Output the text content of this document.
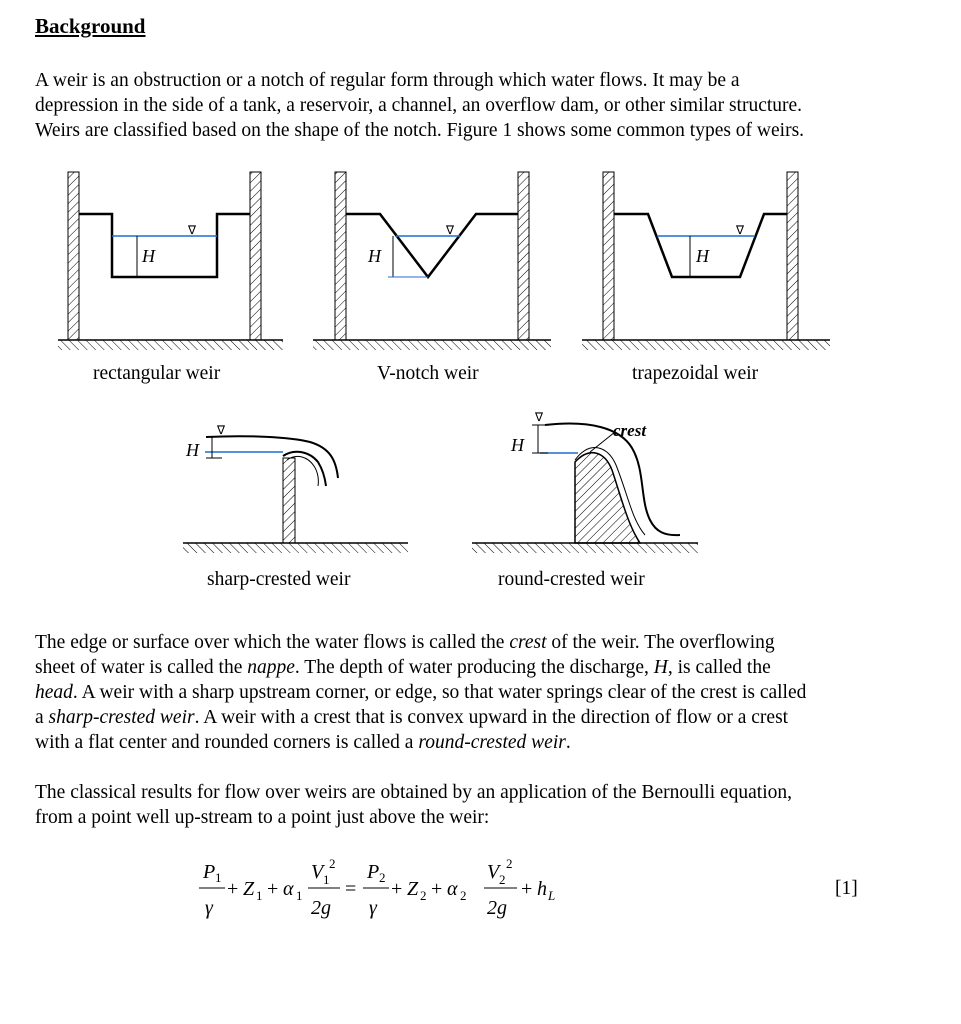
Background
A weir is an obstruction or a notch of regular form through which water flows. It may be a
depression in the side of a tank, a reservoir, a channel, an overflow dam, or other similar structure.
Weirs are classified based on the shape of the notch. Figure 1 shows some common types of weirs.
H
∇
H
∇
H
∇
H
∇
H
∇
crest
rectangular weir	V-notch weir	trapezoidal weir
sharp-crested weir	round-crested weir
The edge or surface over which the water flows is called the crest of the weir. The overflowing
sheet of water is called the nappe. The depth of water producing the discharge, H, is called the
head. A weir with a sharp upstream corner, or edge, so that water springs clear of the crest is called
a sharp-crested weir. A weir with a crest that is convex upward in the direction of flow or a crest
with a flat center and rounded corners is called a round-crested weir.
The classical results for flow over weirs are obtained by an application of the Bernoulli equation,
from a point well up-stream to a point just above the weir:
P 1
γ
+ Z 1 + α 1
V 1
2
2g
=
P 2
γ
+ Z 2 + α 2
V 2
2
2g
+ h L	[1]
